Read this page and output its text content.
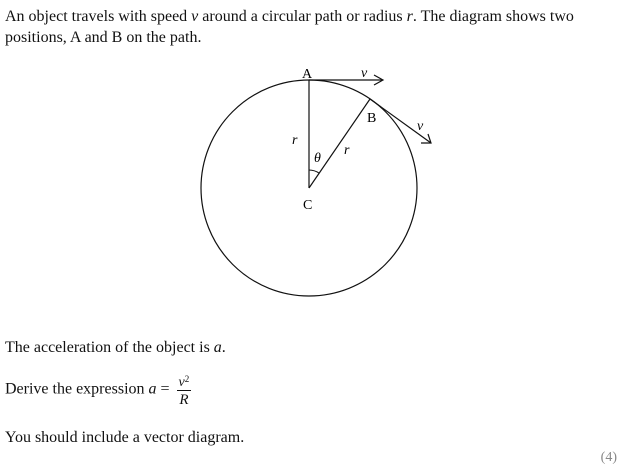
An object travels with speed v around a circular path or radius r. The diagram shows two positions, A and B on the path.
A
B
C
r
r
θ
v
v
The acceleration of the object is a.
Derive the expression $a = \frac{v^2}{R}$
You should include a vector diagram.
(4)
